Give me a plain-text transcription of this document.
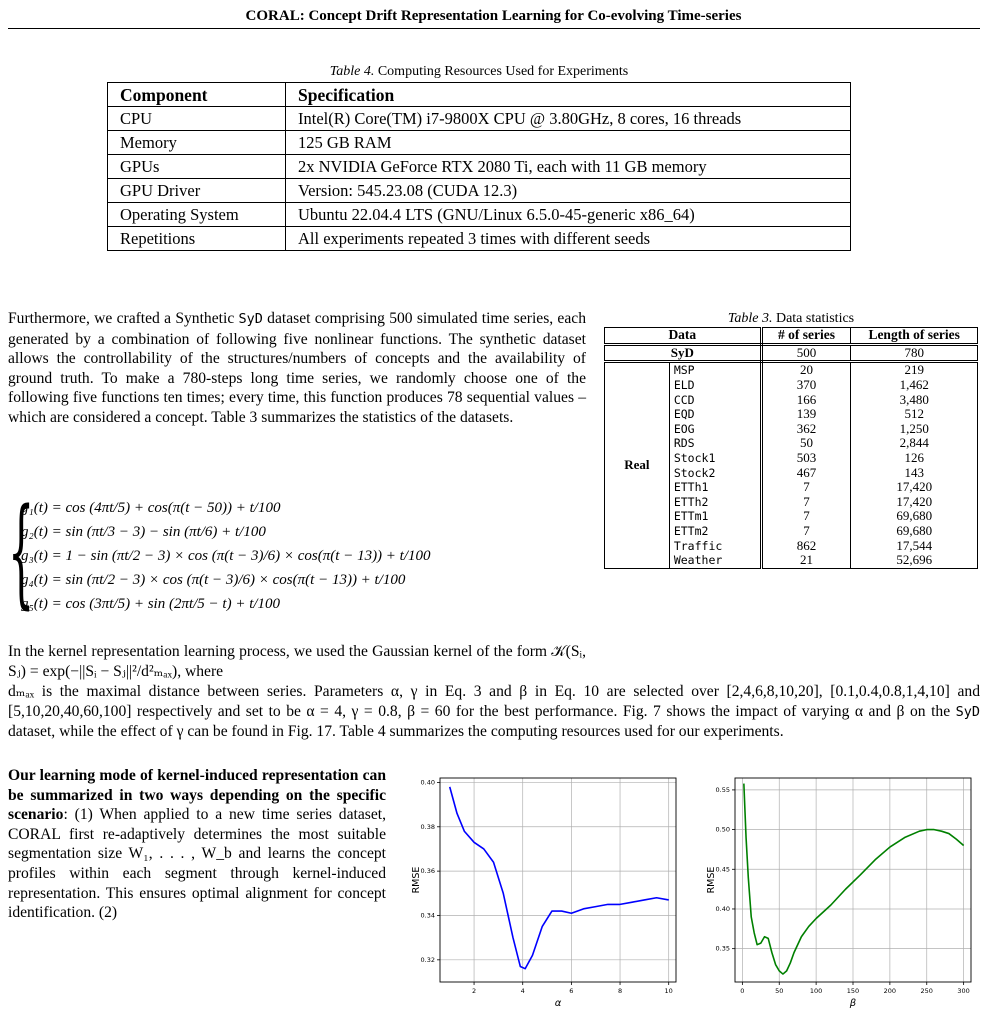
CORAL: Concept Drift Representation Learning for Co-evolving Time-series
Table 4. Computing Resources Used for Experiments
Component	Specification
CPU	Intel(R) Core(TM) i7-9800X CPU @ 3.80GHz, 8 cores, 16 threads
Memory	125 GB RAM
GPUs	2x NVIDIA GeForce RTX 2080 Ti, each with 11 GB memory
GPU Driver	Version: 545.23.08 (CUDA 12.3)
Operating System	Ubuntu 22.04.4 LTS (GNU/Linux 6.5.0-45-generic x86_64)
Repetitions	All experiments repeated 3 times with different seeds
Table 3. Data statistics
Data		# of series	Length of series
SyD		500	780
Real	MSP	20	219
	ELD	370	1,462
	CCD	166	3,480
	EQD	139	512
	EOG	362	1,250
	RDS	50	2,844
	Stock1	503	126
	Stock2	467	143
	ETTh1	7	17,420
	ETTh2	7	17,420
	ETTm1	7	69,680
	ETTm2	7	69,680
	Traffic	862	17,544
	Weather	21	52,696
Furthermore, we crafted a Synthetic SyD dataset comprising 500 simulated time series, each generated by a combination of following five nonlinear functions. The synthetic dataset allows the controllability of the structures/numbers of concepts and the availability of ground truth. To make a 780-steps long time series, we randomly choose one of the following five functions ten times; every time, this function produces 78 sequential values – which are considered a concept. Table 3 summarizes the statistics of the datasets.
{
g₁(t) = cos (4πt/5) + cos(π(t − 50)) + t/100
g₂(t) = sin (πt/3 − 3) − sin (πt/6) + t/100
g₃(t) = 1 − sin (πt/2 − 3) × cos (π(t − 3)/6) × cos(π(t − 13)) + t/100
g₄(t) = sin (πt/2 − 3) × cos (π(t − 3)/6) × cos(π(t − 13)) + t/100
g₅(t) = cos (3πt/5) + sin (2πt/5 − t) + t/100
In the kernel representation learning process, we used the Gaussian kernel of the form 𝒦(Sᵢ, Sⱼ) = exp(−||Sᵢ − Sⱼ||²/d²ₘₐₓ), where
dₘₐₓ is the maximal distance between series. Parameters α, γ in Eq. 3 and β in Eq. 10 are selected over [2,4,6,8,10,20], [0.1,0.4,0.8,1,4,10] and [5,10,20,40,60,100] respectively and set to be α = 4, γ = 0.8, β = 60 for the best performance. Fig. 7 shows the impact of varying α and β on the SyD dataset, while the effect of γ can be found in Fig. 17. Table 4 summarizes the computing resources used for our experiments.
Our learning mode of kernel-induced representation can be summarized in two ways depending on the specific scenario: (1) When applied to a new time series dataset, CORAL first re-adaptively determines the most suitable segmentation size W₁, . . . , W_b and learns the concept profiles within each segment through kernel-induced representation. This ensures optimal alignment for concept identification. (2)
2	4	6	8	10
0.32
0.34
0.36
0.38
0.40
α
RMSE
0	50	100	150	200	250	300
0.35
0.40
0.45
0.50
0.55
β
RMSE
